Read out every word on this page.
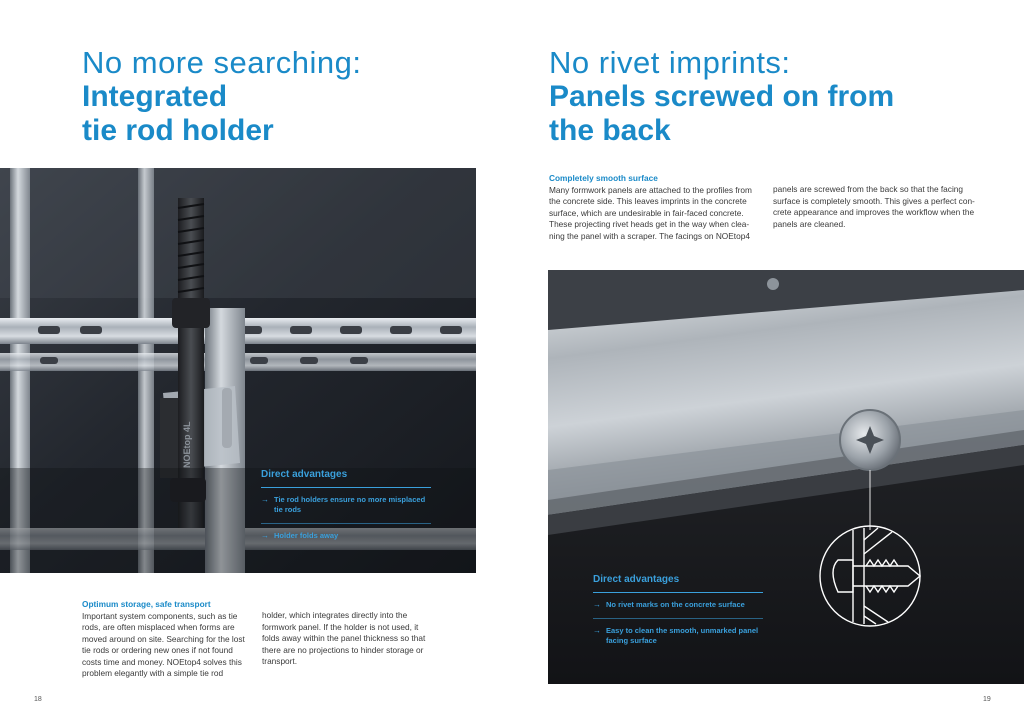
No more searching:
Integrated
tie rod holder
No rivet imprints:
Panels screwed on from
the back

Completely smooth surface

Many formwork panels are attached to the profiles from the concrete side. This leaves imprints in the concrete surface, which are undesirable in fair-faced concrete. These projecting rivet heads get in the way when clea-ning the panel with a scraper. The facings on NOEtop4

panels are screwed from the back so that the facing surface is completely smooth. This gives a perfect con-crete appearance and improves the workflow when the panels are cleaned.

NOEtop 4L
Direct advantages
→ Tie rod holders ensure no more misplaced tie rods
→ Holder folds away

Optimum storage, safe transport

Important system components, such as tie rods, are often misplaced when forms are moved around on site. Searching for the lost tie rods or ordering new ones if not found costs time and money. NOEtop4 solves this problem elegantly with a simple tie rod

holder, which integrates directly into the formwork panel. If the holder is not used, it folds away within the panel thickness so that there are no projections to hinder storage or transport.

Direct advantages
→ No rivet marks on the concrete surface
→ Easy to clean the smooth, unmarked panel facing surface
18	19
